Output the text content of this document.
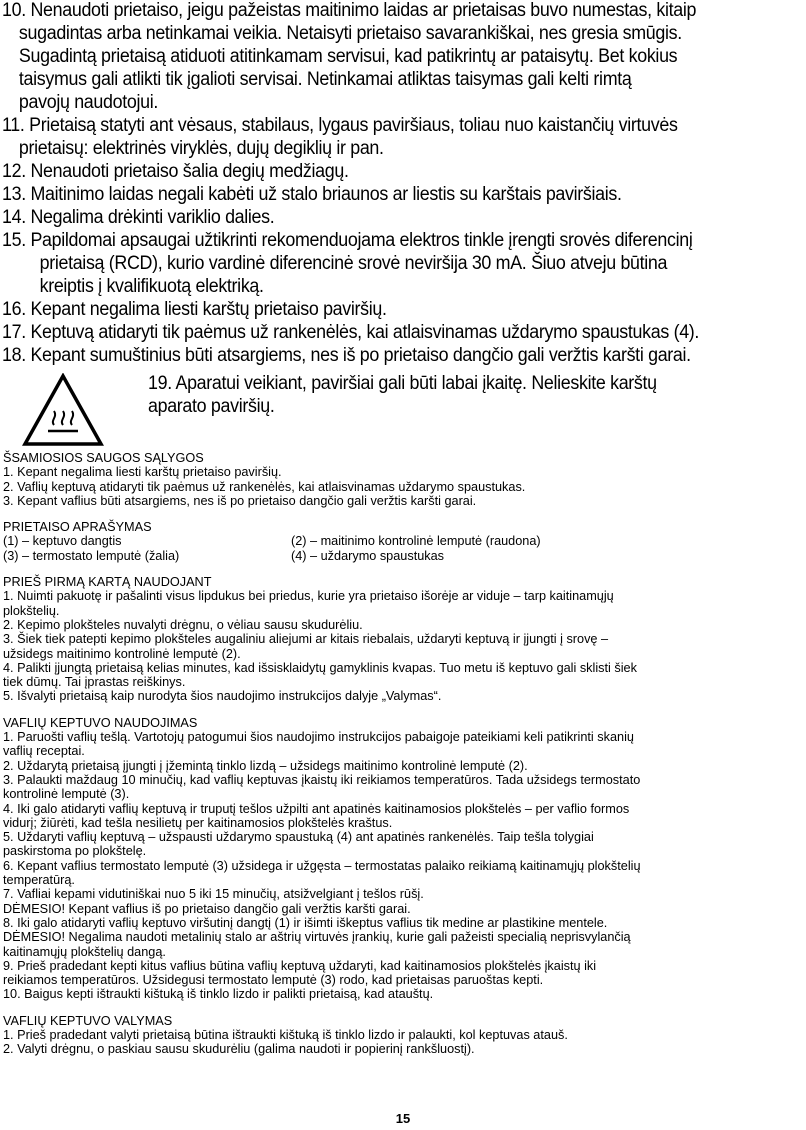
10. Nenaudoti prietaiso, jeigu pažeistas maitinimo laidas ar prietaisas buvo numestas, kitaip

sugadintas arba netinkamai veikia. Netaisyti prietaiso savarankiškai, nes gresia smūgis.

Sugadintą prietaisą atiduoti atitinkamam servisui, kad patikrintų ar pataisytų. Bet kokius

taisymus gali atlikti tik įgalioti servisai. Netinkamai atliktas taisymas gali kelti rimtą

pavojų naudotojui.

11. Prietaisą statyti ant vėsaus, stabilaus, lygaus paviršiaus, toliau nuo kaistančių virtuvės

prietaisų: elektrinės viryklės, dujų degiklių ir pan.

12. Nenaudoti prietaiso šalia degių medžiagų.

13. Maitinimo laidas negali kabėti už stalo briaunos ar liestis su karštais paviršiais.

14. Negalima drėkinti variklio dalies.

15. Papildomai apsaugai užtikrinti rekomenduojama elektros tinkle įrengti srovės diferencinį

prietaisą (RCD), kurio vardinė diferencinė srovė neviršija 30 mA. Šiuo atveju būtina

kreiptis į kvalifikuotą elektriką.

16. Kepant negalima liesti karštų prietaiso paviršių.

17. Keptuvą atidaryti tik paėmus už rankenėlės, kai atlaisvinamas uždarymo spaustukas (4).

18. Kepant sumuštinius būti atsargiems, nes iš po prietaiso dangčio gali veržtis karšti garai.

19. Aparatui veikiant, paviršiai gali būti labai įkaitę. Nelieskite karštų

aparato paviršių.

ŠSAMIOSIOS SAUGOS SĄLYGOS

1. Kepant negalima liesti karštų prietaiso paviršių.

2. Vaflių keptuvą atidaryti tik paėmus už rankenėlės, kai atlaisvinamas uždarymo spaustukas.

3. Kepant vaflius būti atsargiems, nes iš po prietaiso dangčio gali veržtis karšti garai.

PRIETAISO APRAŠYMAS

(1) – keptuvo dangtis	(2) – maitinimo kontrolinė lemputė (raudona)
(3) – termostato lemputė (žalia)	(4) – uždarymo spaustukas

PRIEŠ PIRMĄ KARTĄ NAUDOJANT

1. Nuimti pakuotę ir pašalinti visus lipdukus bei priedus, kurie yra prietaiso išorėje ar viduje – tarp kaitinamųjų

plokštelių.

2. Kepimo plokšteles nuvalyti drėgnu, o vėliau sausu skudurėliu.

3. Šiek tiek patepti kepimo plokšteles augaliniu aliejumi ar kitais riebalais, uždaryti keptuvą ir įjungti į srovę –

užsidegs maitinimo kontrolinė lemputė (2).

4. Palikti įjungtą prietaisą kelias minutes, kad išsisklaidytų gamyklinis kvapas. Tuo metu iš keptuvo gali sklisti šiek

tiek dūmų. Tai įprastas reiškinys.

5. Išvalyti prietaisą kaip nurodyta šios naudojimo instrukcijos dalyje „Valymas“.

VAFLIŲ KEPTUVO NAUDOJIMAS

1. Paruošti vaflių tešlą. Vartotojų patogumui šios naudojimo instrukcijos pabaigoje pateikiami keli patikrinti skanių

vaflių receptai.

2. Uždarytą prietaisą įjungti į įžemintą tinklo lizdą – užsidegs maitinimo kontrolinė lemputė (2).

3. Palaukti maždaug 10 minučių, kad vaflių keptuvas įkaistų iki reikiamos temperatūros. Tada užsidegs termostato

kontrolinė lemputė (3).

4. Iki galo atidaryti vaflių keptuvą ir truputį tešlos užpilti ant apatinės kaitinamosios plokštelės – per vaflio formos

vidurį; žiūrėti, kad tešla nesilietų per kaitinamosios plokštelės kraštus.

5. Uždaryti vaflių keptuvą – užspausti uždarymo spaustuką (4) ant apatinės rankenėlės. Taip tešla tolygiai

paskirstoma po plokštelę.

6. Kepant vaflius termostato lemputė (3) užsidega ir užgęsta – termostatas palaiko reikiamą kaitinamųjų plokštelių

temperatūrą.

7. Vafliai kepami vidutiniškai nuo 5 iki 15 minučių, atsižvelgiant į tešlos rūšį.

DĖMESIO! Kepant vaflius iš po prietaiso dangčio gali veržtis karšti garai.

8. Iki galo atidaryti vaflių keptuvo viršutinį dangtį (1) ir išimti iškeptus vaflius tik medine ar plastikine mentele.

DĖMESIO! Negalima naudoti metalinių stalo ar aštrių virtuvės įrankių, kurie gali pažeisti specialią neprisvylančią

kaitinamųjų plokštelių dangą.

9. Prieš pradedant kepti kitus vaflius būtina vaflių keptuvą uždaryti, kad kaitinamosios plokštelės įkaistų iki

reikiamos temperatūros. Užsidegusi termostato lemputė (3) rodo, kad prietaisas paruoštas kepti.

10. Baigus kepti ištraukti kištuką iš tinklo lizdo ir palikti prietaisą, kad atauštų.

VAFLIŲ KEPTUVO VALYMAS

1. Prieš pradedant valyti prietaisą būtina ištraukti kištuką iš tinklo lizdo ir palaukti, kol keptuvas atauš.

2. Valyti drėgnu, o paskiau sausu skudurėliu (galima naudoti ir popierinį rankšluostį).

15
